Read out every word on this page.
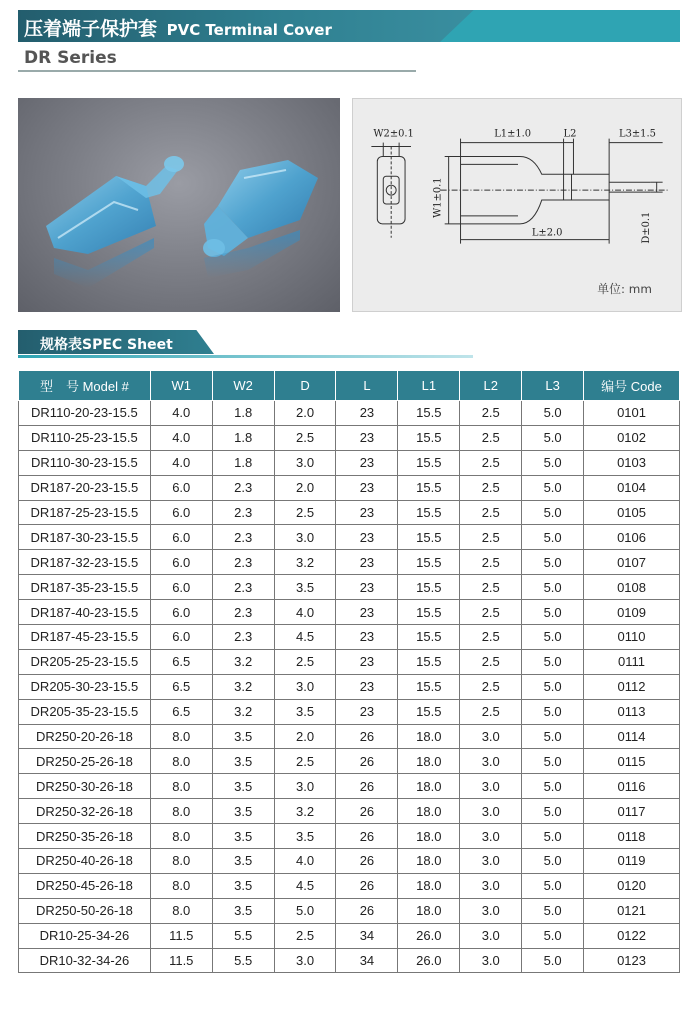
压着端子保护套 PVC Terminal Cover
DR Series
W2±0.1	L1±1.0	L2	L3±1.5
L±2.0
W1±0.1
D±0.1
单位: mm
规格表SPEC Sheet
型　号 Model #	W1	W2	D	L	L1	L2	L3	编号 Code
DR110-20-23-15.5	4.0	1.8	2.0	23	15.5	2.5	5.0	0101
DR110-25-23-15.5	4.0	1.8	2.5	23	15.5	2.5	5.0	0102
DR110-30-23-15.5	4.0	1.8	3.0	23	15.5	2.5	5.0	0103
DR187-20-23-15.5	6.0	2.3	2.0	23	15.5	2.5	5.0	0104
DR187-25-23-15.5	6.0	2.3	2.5	23	15.5	2.5	5.0	0105
DR187-30-23-15.5	6.0	2.3	3.0	23	15.5	2.5	5.0	0106
DR187-32-23-15.5	6.0	2.3	3.2	23	15.5	2.5	5.0	0107
DR187-35-23-15.5	6.0	2.3	3.5	23	15.5	2.5	5.0	0108
DR187-40-23-15.5	6.0	2.3	4.0	23	15.5	2.5	5.0	0109
DR187-45-23-15.5	6.0	2.3	4.5	23	15.5	2.5	5.0	0110
DR205-25-23-15.5	6.5	3.2	2.5	23	15.5	2.5	5.0	0111
DR205-30-23-15.5	6.5	3.2	3.0	23	15.5	2.5	5.0	0112
DR205-35-23-15.5	6.5	3.2	3.5	23	15.5	2.5	5.0	0113
DR250-20-26-18	8.0	3.5	2.0	26	18.0	3.0	5.0	0114
DR250-25-26-18	8.0	3.5	2.5	26	18.0	3.0	5.0	0115
DR250-30-26-18	8.0	3.5	3.0	26	18.0	3.0	5.0	0116
DR250-32-26-18	8.0	3.5	3.2	26	18.0	3.0	5.0	0117
DR250-35-26-18	8.0	3.5	3.5	26	18.0	3.0	5.0	0118
DR250-40-26-18	8.0	3.5	4.0	26	18.0	3.0	5.0	0119
DR250-45-26-18	8.0	3.5	4.5	26	18.0	3.0	5.0	0120
DR250-50-26-18	8.0	3.5	5.0	26	18.0	3.0	5.0	0121
DR10-25-34-26	11.5	5.5	2.5	34	26.0	3.0	5.0	0122
DR10-32-34-26	11.5	5.5	3.0	34	26.0	3.0	5.0	0123
